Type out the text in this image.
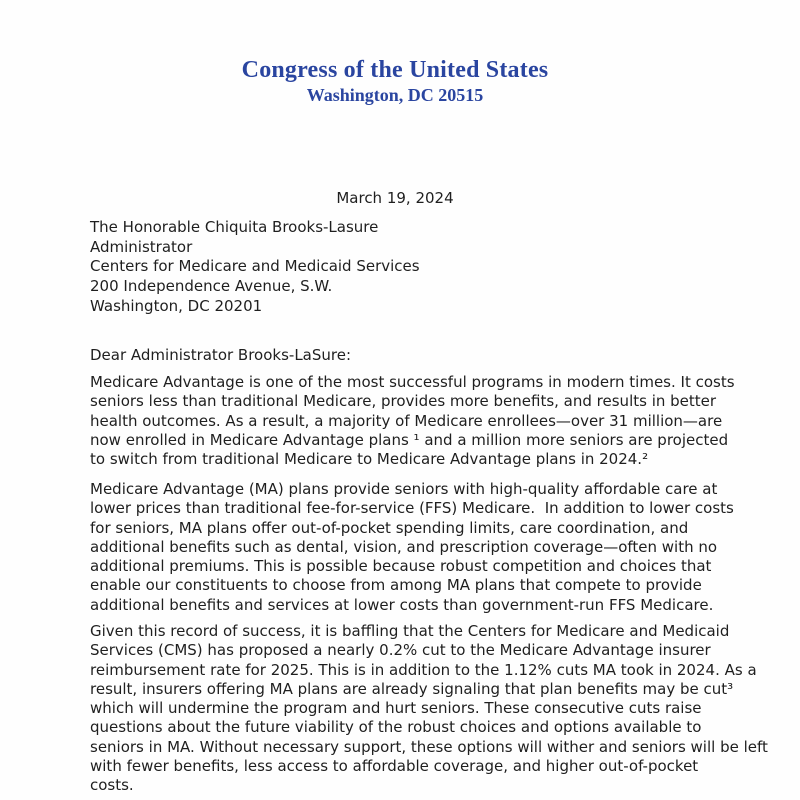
Congress of the United States
Washington, DC 20515
March 19, 2024
The Honorable Chiquita Brooks-Lasure
Administrator
Centers for Medicare and Medicaid Services
200 Independence Avenue, S.W.
Washington, DC 20201
Dear Administrator Brooks-LaSure:
Medicare Advantage is one of the most successful programs in modern times. It costs
seniors less than traditional Medicare, provides more benefits, and results in better
health outcomes. As a result, a majority of Medicare enrollees—over 31 million—are
now enrolled in Medicare Advantage plans ¹ and a million more seniors are projected
to switch from traditional Medicare to Medicare Advantage plans in 2024.²
Medicare Advantage (MA) plans provide seniors with high-quality affordable care at
lower prices than traditional fee-for-service (FFS) Medicare.  In addition to lower costs
for seniors, MA plans offer out-of-pocket spending limits, care coordination, and
additional benefits such as dental, vision, and prescription coverage—often with no
additional premiums. This is possible because robust competition and choices that
enable our constituents to choose from among MA plans that compete to provide
additional benefits and services at lower costs than government-run FFS Medicare.
Given this record of success, it is baffling that the Centers for Medicare and Medicaid
Services (CMS) has proposed a nearly 0.2% cut to the Medicare Advantage insurer
reimbursement rate for 2025. This is in addition to the 1.12% cuts MA took in 2024. As a
result, insurers offering MA plans are already signaling that plan benefits may be cut³
which will undermine the program and hurt seniors. These consecutive cuts raise
questions about the future viability of the robust choices and options available to
seniors in MA. Without necessary support, these options will wither and seniors will be left
with fewer benefits, less access to affordable coverage, and higher out-of-pocket
costs.
